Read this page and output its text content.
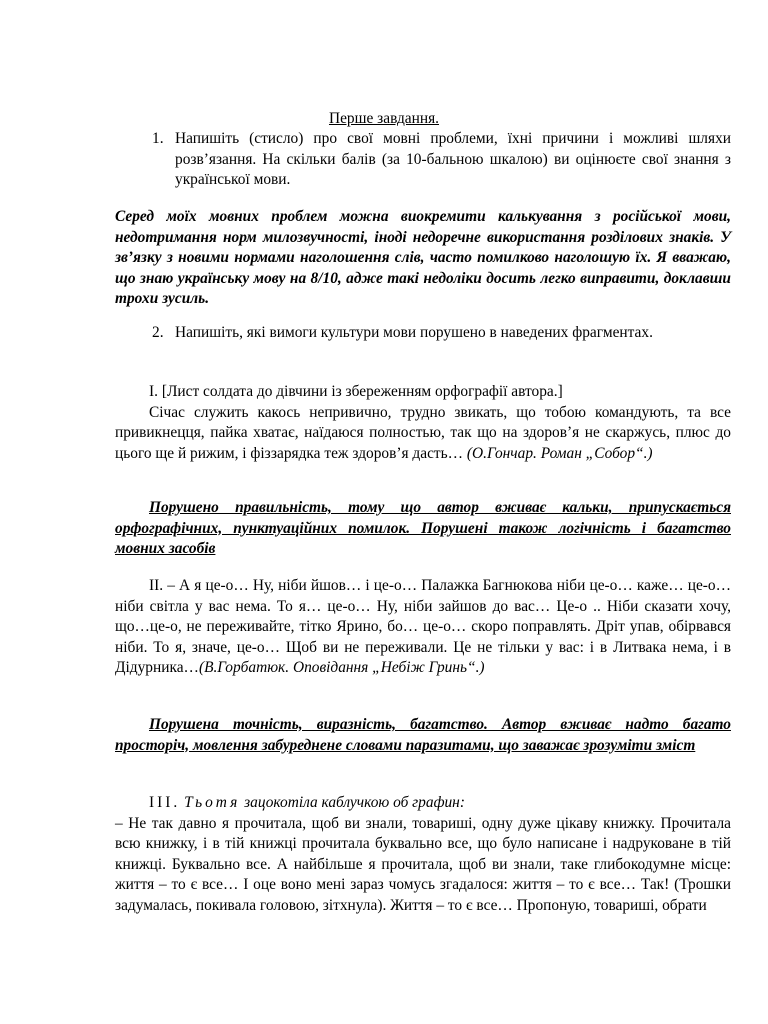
Перше завдання.
1. Напишіть (стисло) про свої мовні проблеми, їхні причини і можливі шляхи розв’язання. На скільки балів (за 10-бальною шкалою) ви оцінюєте свої знання з української мови.
Серед моїх мовних проблем можна виокремити калькування з російської мови, недотримання норм милозвучності, іноді недоречне використання розділових знаків. У зв’язку з новими нормами наголошення слів, часто помилково наголошую їх. Я вважаю, що знаю українську мову на 8/10, адже такі недоліки досить легко виправити, доклавши трохи зусиль.
2. Напишіть, які вимоги культури мови порушено в наведених фрагментах.
І. [Лист солдата до дівчини із збереженням орфографії автора.]
Січас служить какось непривично, трудно звикать, що тобою командують, та все привикнецця, пайка хватає, наїдаюся полностью, так що на здоров’я не скаржусь, плюс до цього ще й рижим, і фіззарядка теж здоров’я дасть… (О.Гончар. Роман „Собор“.)
Порушено правильність, тому що автор вживає кальки, припускається орфографічних, пунктуаційних помилок. Порушені також логічність і багатство мовних засобів
ІІ. – А я це-о… Ну, ніби йшов… і це-о… Палажка Багнюкова ніби це-о… каже… це-о…ніби світла у вас нема. То я… це-о… Ну, ніби зайшов до вас… Це-о .. Ніби сказати хочу, що…це-о, не переживайте, тітко Ярино, бо… це-о… скоро поправлять. Дріт упав, обірвався ніби. То я, значе, це-о… Щоб ви не переживали. Це не тільки у вас: і в Литвака нема, і в Дідурника…(В.Горбатюк. Оповідання „Небіж Гринь“.)
Порушена точність, виразність, багатство. Автор вживає надто багато просторіч, мовлення забуреднене словами паразитами, що заважає зрозуміти зміст
ІІІ. Тьотя зацокотіла каблучкою об графин:
– Не так давно я прочитала, щоб ви знали, товариші, одну дуже цікаву книжку. Прочитала всю книжку, і в тій книжці прочитала буквально все, що було написане і надруковане в тій книжці. Буквально все. А найбільше я прочитала, щоб ви знали, таке глибокодумне місце: життя – то є все… І оце воно мені зараз чомусь згадалося: життя – то є все… Так! (Трошки задумалась, покивала головою, зітхнула). Життя – то є все… Пропоную, товариші, обрати
